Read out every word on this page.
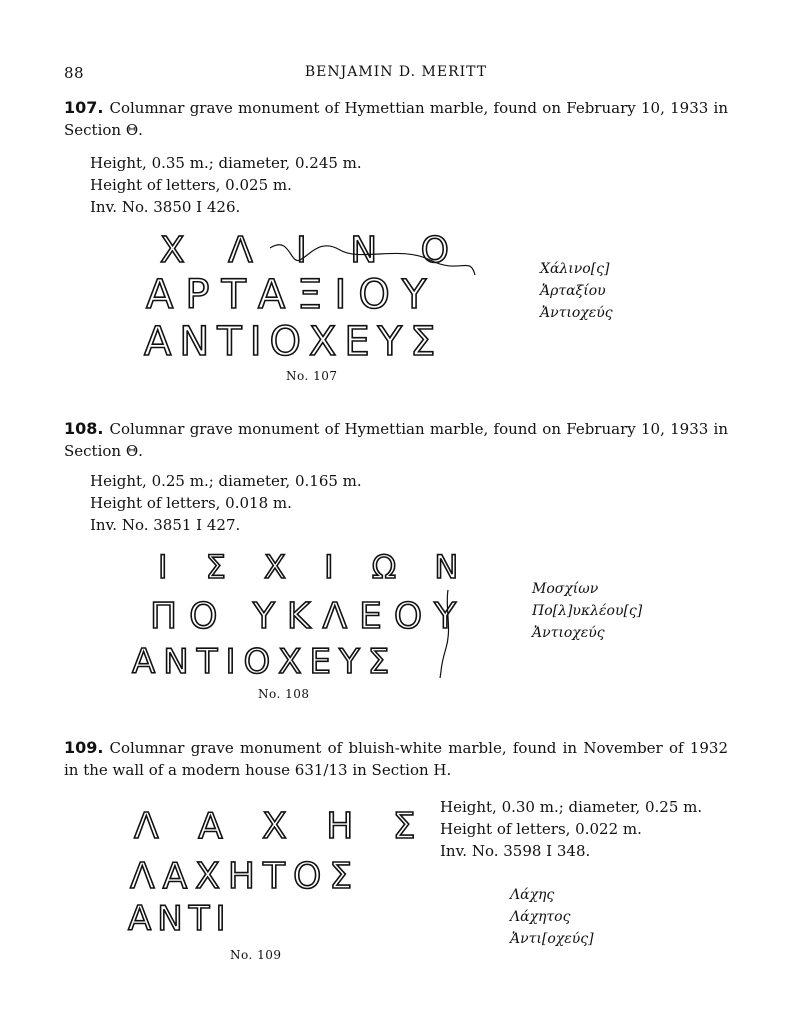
88	BENJAMIN D. MERITT
107. Columnar grave monument of Hymettian marble, found on February 10, 1933 in Section Θ.
Height, 0.35 m.; diameter, 0.245 m.
Height of letters, 0.025 m.
Inv. No. 3850 I 426.
Χ Λ Ι Ν Ο
ΑΡΤΑΞΙΟΥ
ΑΝΤΙΟΧΕΥΣ
No. 107
Χάλινο[ς]
Ἀρταξίου
Ἀντιοχεύς
108. Columnar grave monument of Hymettian marble, found on February 10, 1933 in Section Θ.
Height, 0.25 m.; diameter, 0.165 m.
Height of letters, 0.018 m.
Inv. No. 3851 I 427.
Ι Σ Χ Ι Ω Ν
ΠΟ ΥΚΛΕΟΥ
ΑΝΤΙΟΧΕΥΣ
No. 108
Μοσχίων
Πο[λ]υκλέου[ς]
Ἀντιοχεύς
109. Columnar grave monument of bluish-white marble, found in November of 1932 in the wall of a modern house 631/13 in Section Η.
Height, 0.30 m.; diameter, 0.25 m.
Height of letters, 0.022 m.
Inv. No. 3598 I 348.
Λ Α Χ Η Σ
ΛΑΧΗΤΟΣ
ΑΝΤΙ
No. 109
Λάχης
Λάχητος
Ἀντι[οχεύς]
